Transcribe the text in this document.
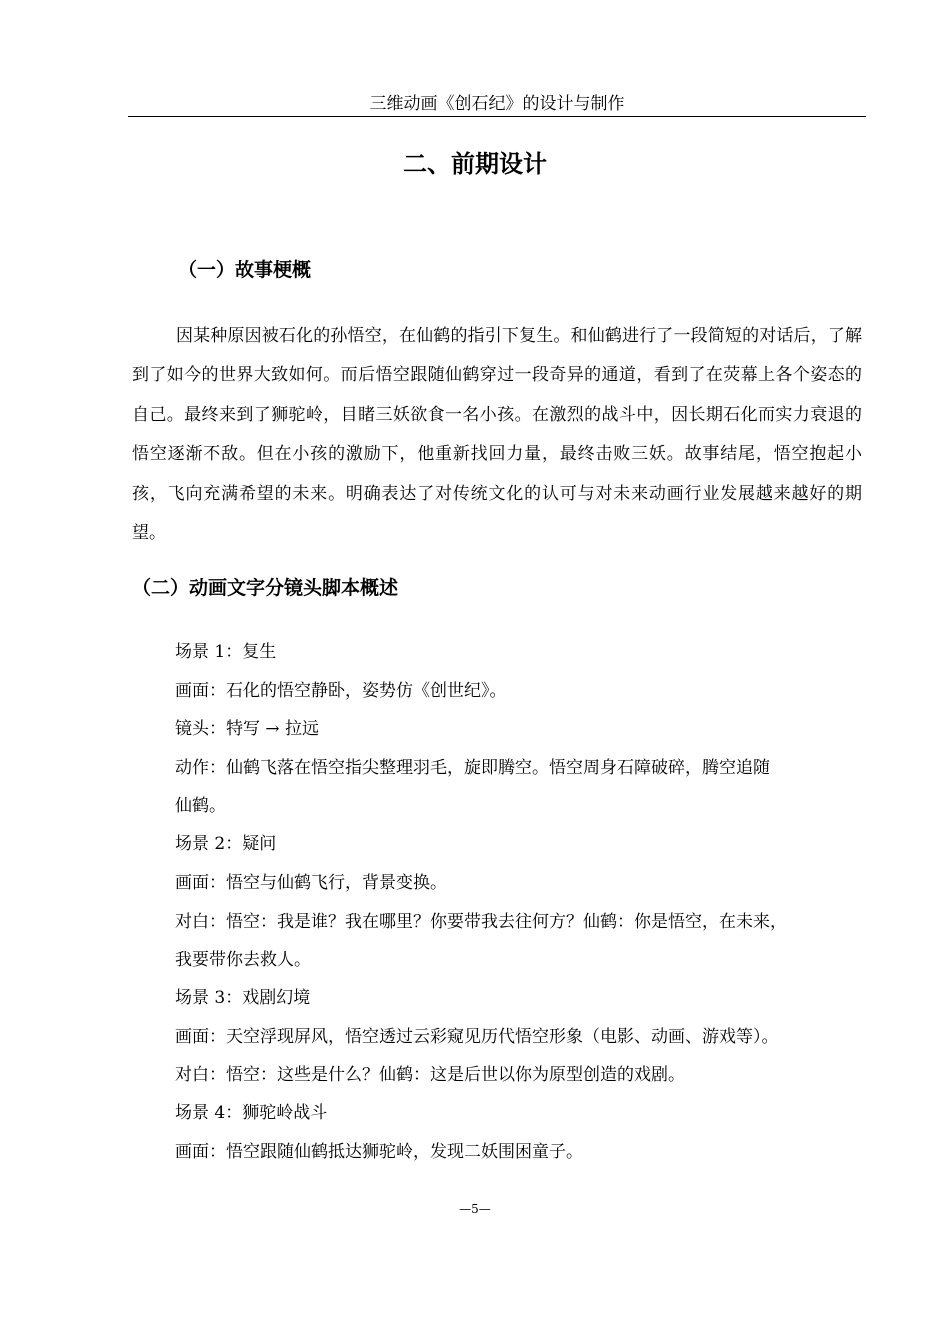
三维动画《创石纪》的设计与制作
二、前期设计
（一）故事梗概
因某种原因被石化的孙悟空，在仙鹤的指引下复生。和仙鹤进行了一段简短的对话后，了解到了如今的世界大致如何。而后悟空跟随仙鹤穿过一段奇异的通道，看到了在荧幕上各个姿态的自己。最终来到了狮驼岭，目睹三妖欲食一名小孩。在激烈的战斗中，因长期石化而实力衰退的悟空逐渐不敌。但在小孩的激励下，他重新找回力量，最终击败三妖。故事结尾，悟空抱起小孩，飞向充满希望的未来。明确表达了对传统文化的认可与对未来动画行业发展越来越好的期望。
（二）动画文字分镜头脚本概述
场景 1：复生
画面：石化的悟空静卧，姿势仿《创世纪》。
镜头：特写 → 拉远
动作：仙鹤飞落在悟空指尖整理羽毛，旋即腾空。悟空周身石障破碎，腾空追随
仙鹤。
场景 2：疑问
画面：悟空与仙鹤飞行，背景变换。
对白：悟空：我是谁？我在哪里？你要带我去往何方？仙鹤：你是悟空，在未来，
我要带你去救人。
场景 3：戏剧幻境
画面：天空浮现屏风，悟空透过云彩窥见历代悟空形象（电影、动画、游戏等）。
对白：悟空：这些是什么？仙鹤：这是后世以你为原型创造的戏剧。
场景 4：狮驼岭战斗
画面：悟空跟随仙鹤抵达狮驼岭，发现二妖围困童子。
—5—
